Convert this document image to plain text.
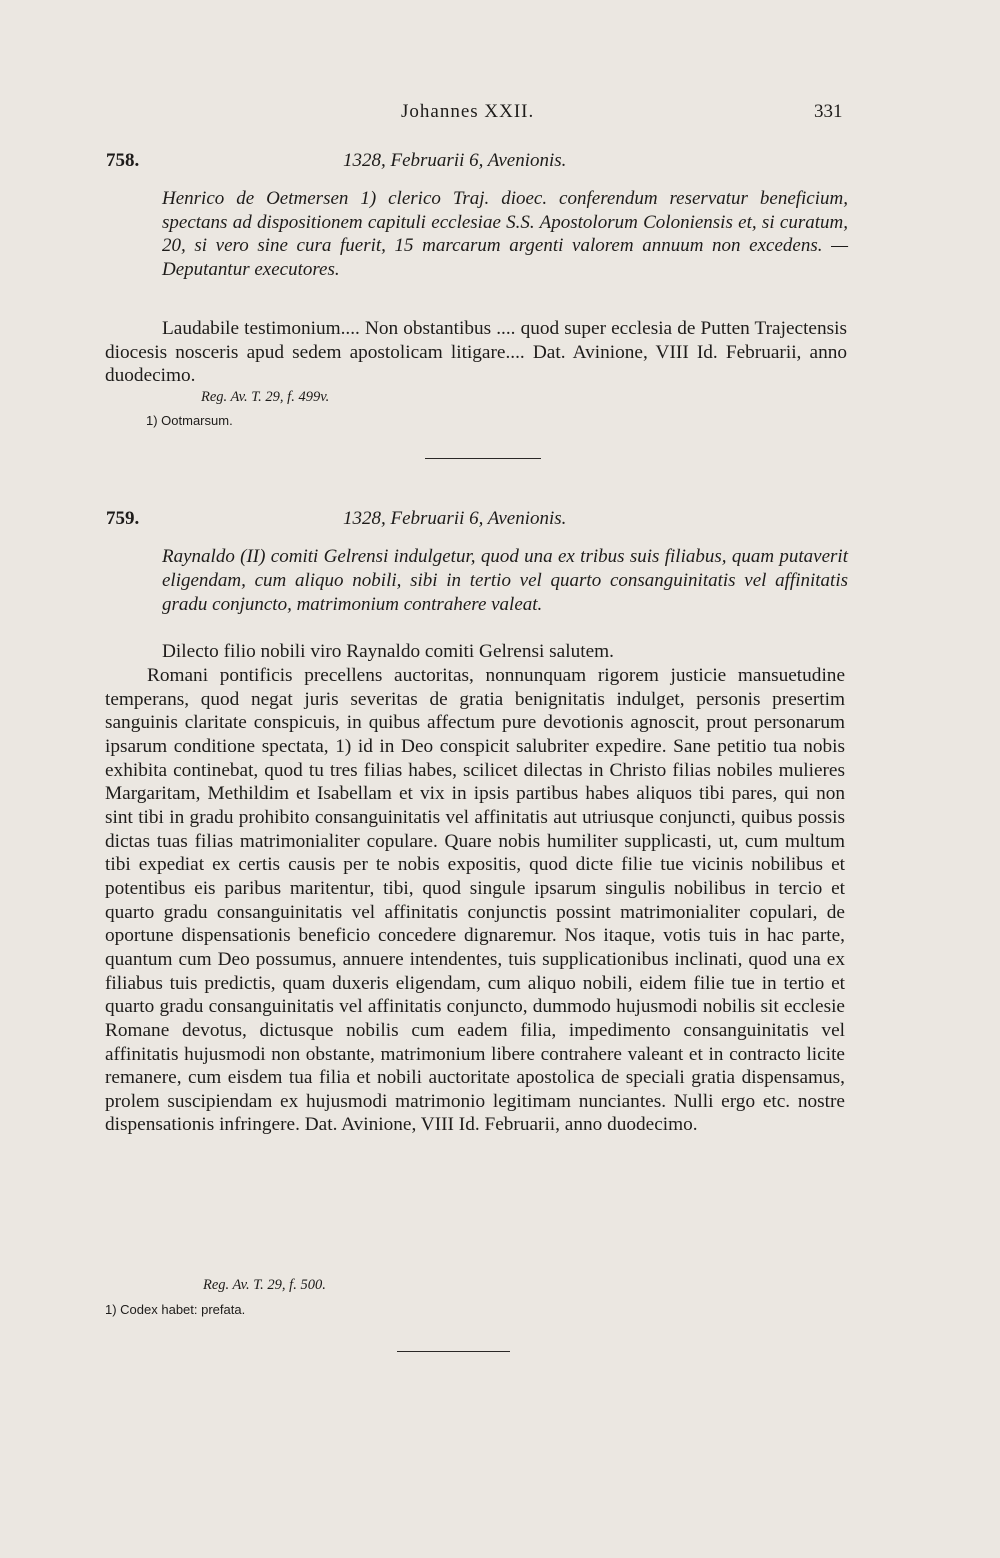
Johannes XXII.	331
758.	1328, Februarii 6, Avenionis.

Henrico de Oetmersen 1) clerico Traj. dioec. conferendum reservatur beneficium, spectans ad dispositionem capituli ecclesiae S.S. Apostolorum Coloniensis et, si curatum, 20, si vero sine cura fuerit, 15 marcarum argenti valorem annuum non excedens. — Deputantur executores.

Laudabile testimonium.... Non obstantibus .... quod super ecclesia de Putten Trajectensis diocesis nosceris apud sedem apostolicam litigare.... Dat. Avinione, VIII Id. Februarii, anno duodecimo.

Reg. Av. T. 29, f. 499v.
1) Ootmarsum.
759.	1328, Februarii 6, Avenionis.

Raynaldo (II) comiti Gelrensi indulgetur, quod una ex tribus suis filiabus, quam putaverit eligendam, cum aliquo nobili, sibi in tertio vel quarto consanguinitatis vel affinitatis gradu conjuncto, matrimonium contrahere valeat.

Dilecto filio nobili viro Raynaldo comiti Gelrensi salutem.

Romani pontificis precellens auctoritas, nonnunquam rigorem justicie mansuetudine temperans, quod negat juris severitas de gratia benignitatis indulget, personis presertim sanguinis claritate conspicuis, in quibus affectum pure devotionis agnoscit, prout personarum ipsarum conditione spectata, 1) id in Deo conspicit salubriter expedire. Sane petitio tua nobis exhibita continebat, quod tu tres filias habes, scilicet dilectas in Christo filias nobiles mulieres Margaritam, Methildim et Isabellam et vix in ipsis partibus habes aliquos tibi pares, qui non sint tibi in gradu prohibito consanguinitatis vel affinitatis aut utriusque conjuncti, quibus possis dictas tuas filias matrimonialiter copulare. Quare nobis humiliter supplicasti, ut, cum multum tibi expediat ex certis causis per te nobis expositis, quod dicte filie tue vicinis nobilibus et potentibus eis paribus maritentur, tibi, quod singule ipsarum singulis nobilibus in tercio et quarto gradu consanguinitatis vel affinitatis conjunctis possint matrimonialiter copulari, de oportune dispensationis beneficio concedere dignaremur. Nos itaque, votis tuis in hac parte, quantum cum Deo possumus, annuere intendentes, tuis supplicationibus inclinati, quod una ex filiabus tuis predictis, quam duxeris eligendam, cum aliquo nobili, eidem filie tue in tertio et quarto gradu consanguinitatis vel affinitatis conjuncto, dummodo hujusmodi nobilis sit ecclesie Romane devotus, dictusque nobilis cum eadem filia, impedimento consanguinitatis vel affinitatis hujusmodi non obstante, matrimonium libere contrahere valeant et in contracto licite remanere, cum eisdem tua filia et nobili auctoritate apostolica de speciali gratia dispensamus, prolem suscipiendam ex hujusmodi matrimonio legitimam nunciantes. Nulli ergo etc. nostre dispensationis infringere. Dat. Avinione, VIII Id. Februarii, anno duodecimo.

Reg. Av. T. 29, f. 500.
1) Codex habet: prefata.
